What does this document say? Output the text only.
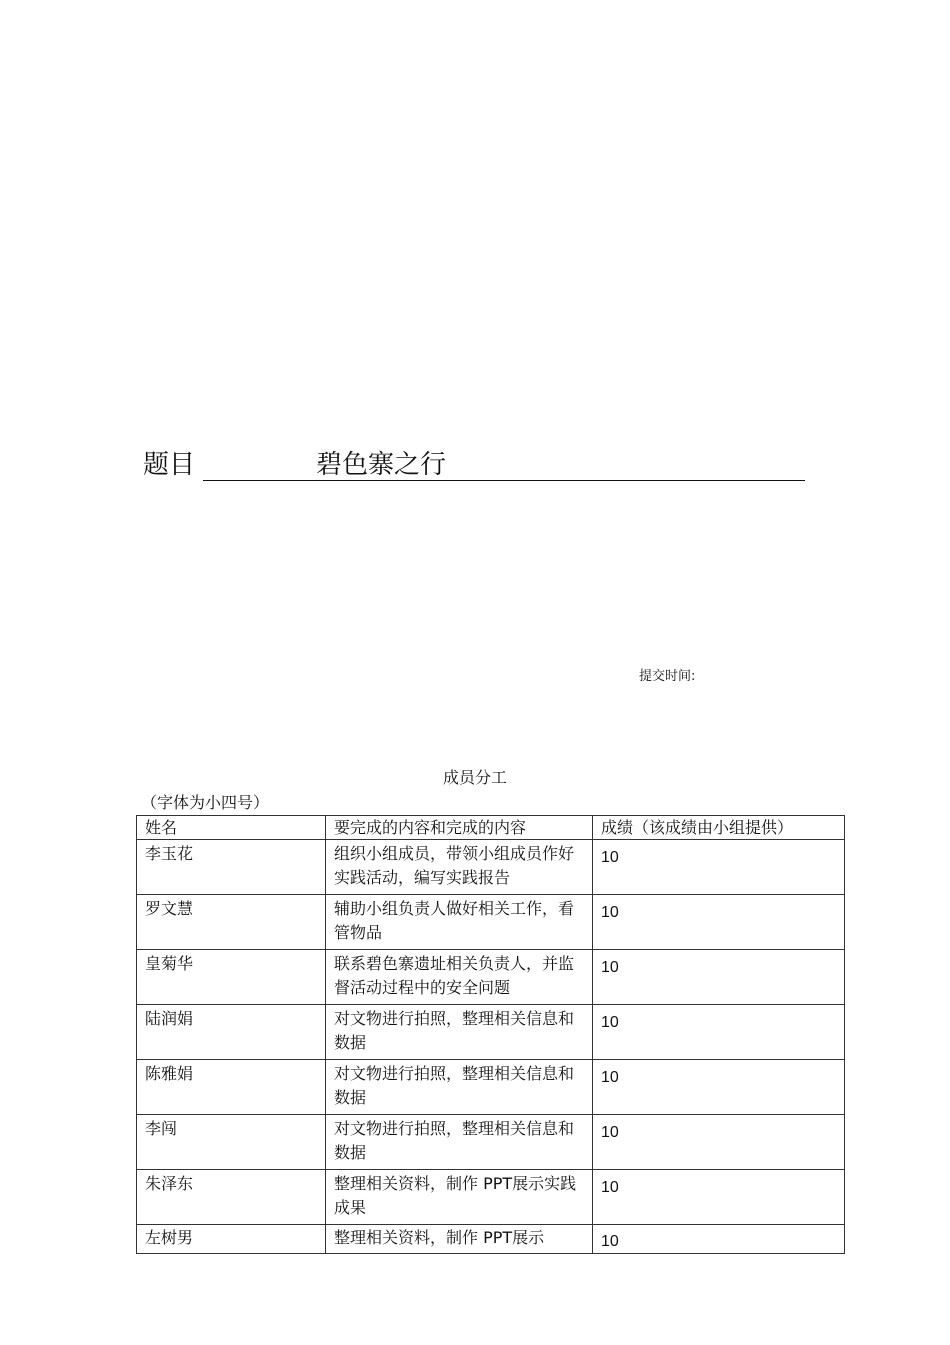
题目	碧色寨之行
提交时间:
成员分工
（字体为小四号）
姓名	要完成的内容和完成的内容	成绩（该成绩由小组提供）
李玉花	组织小组成员，带领小组成员作好实践活动，编写实践报告	10
罗文慧	辅助小组负责人做好相关工作，看管物品	10
皇菊华	联系碧色寨遗址相关负责人，并监督活动过程中的安全问题	10
陆润娟	对文物进行拍照，整理相关信息和数据	10
陈雅娟	对文物进行拍照，整理相关信息和数据	10
李闯	对文物进行拍照，整理相关信息和数据	10
朱泽东	整理相关资料，制作 PPT展示实践成果	10
左树男	整理相关资料，制作 PPT展示	10
